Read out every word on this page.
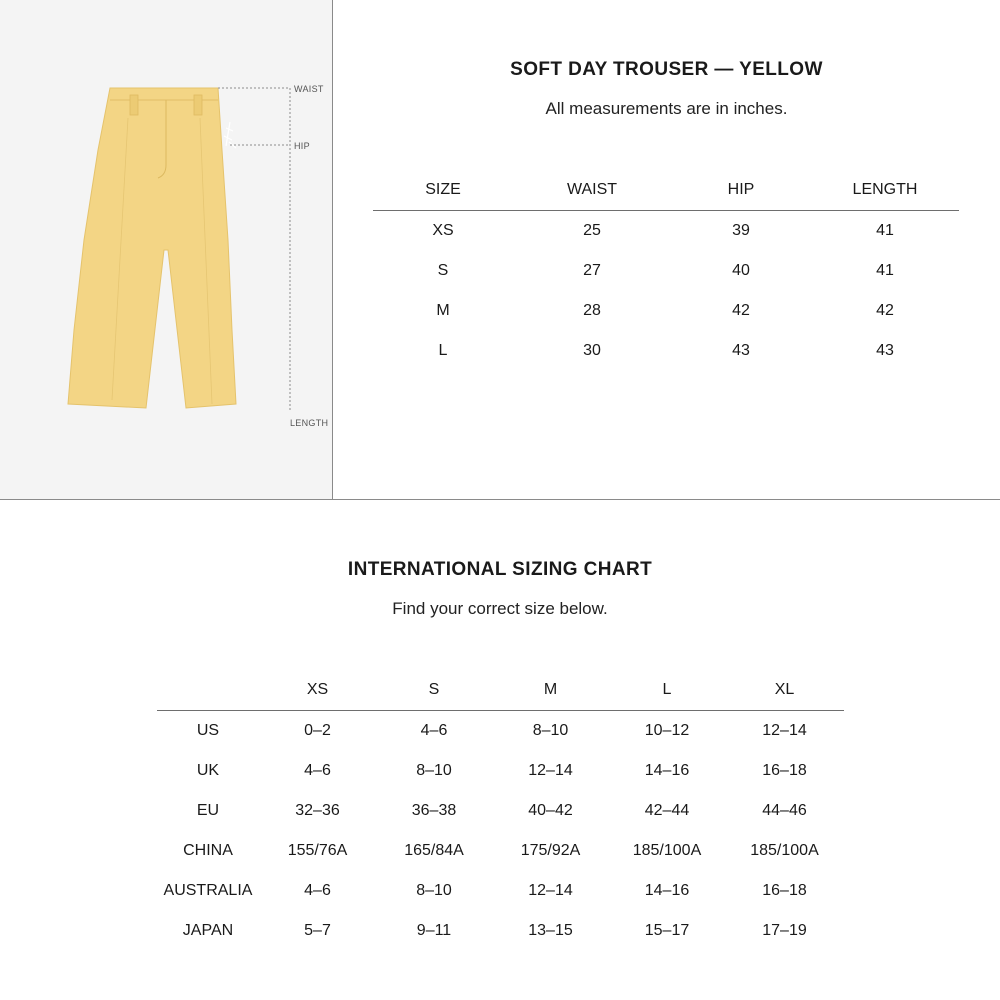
WAIST
HIP
LENGTH
SOFT DAY TROUSER — YELLOW
All measurements are in inches.
SIZE	WAIST	HIP	LENGTH
XS	25	39	41
S	27	40	41
M	28	42	42
L	30	43	43
INTERNATIONAL SIZING CHART
Find your correct size below.
	XS	S	M	L	XL
US	0–2	4–6	8–10	10–12	12–14
UK	4–6	8–10	12–14	14–16	16–18
EU	32–36	36–38	40–42	42–44	44–46
CHINA	155/76A	165/84A	175/92A	185/100A	185/100A
AUSTRALIA	4–6	8–10	12–14	14–16	16–18
JAPAN	5–7	9–11	13–15	15–17	17–19
